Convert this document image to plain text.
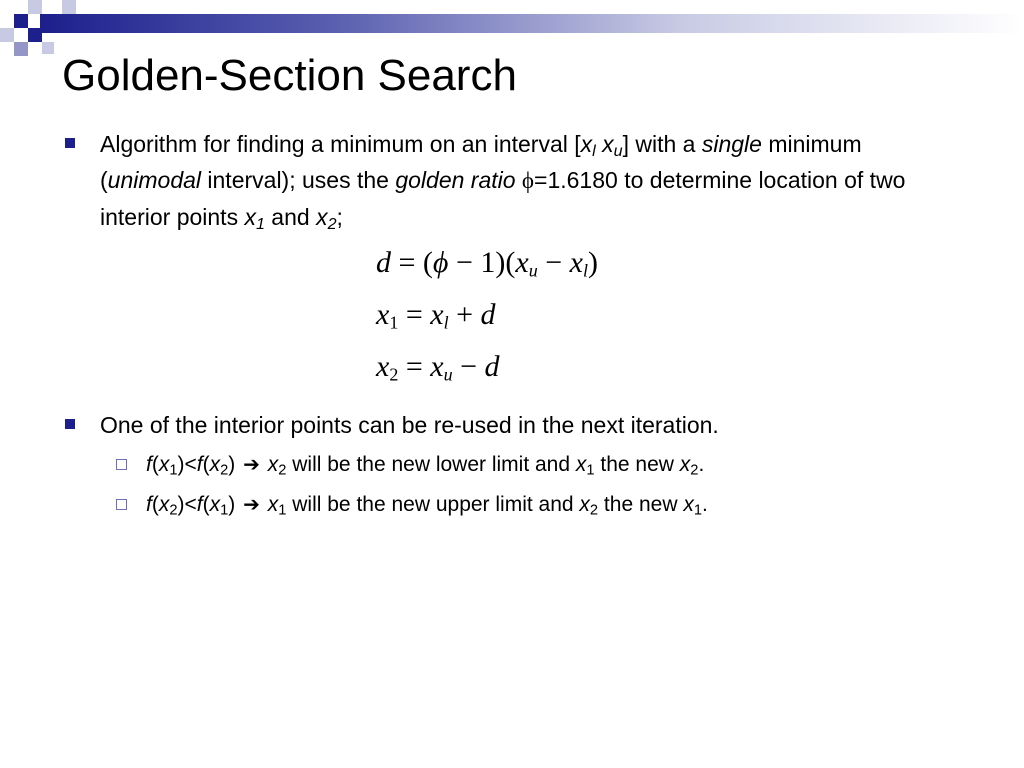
Golden-Section Search
Algorithm for finding a minimum on an interval [$x_l$ $x_u$] with a single minimum (unimodal interval); uses the golden ratio ϕ=1.6180 to determine location of two interior points $x_1$ and $x_2$;
$d = (\phi - 1)(x_u - x_l)$
$x_1 = x_l + d$
$x_2 = x_u - d$
One of the interior points can be re-used in the next iteration.
$f(x_1)<f(x_2)$ ➔ $x_2$ will be the new lower limit and $x_1$ the new $x_2$.
$f(x_2)<f(x_1)$ ➔ $x_1$ will be the new upper limit and $x_2$ the new $x_1$.
